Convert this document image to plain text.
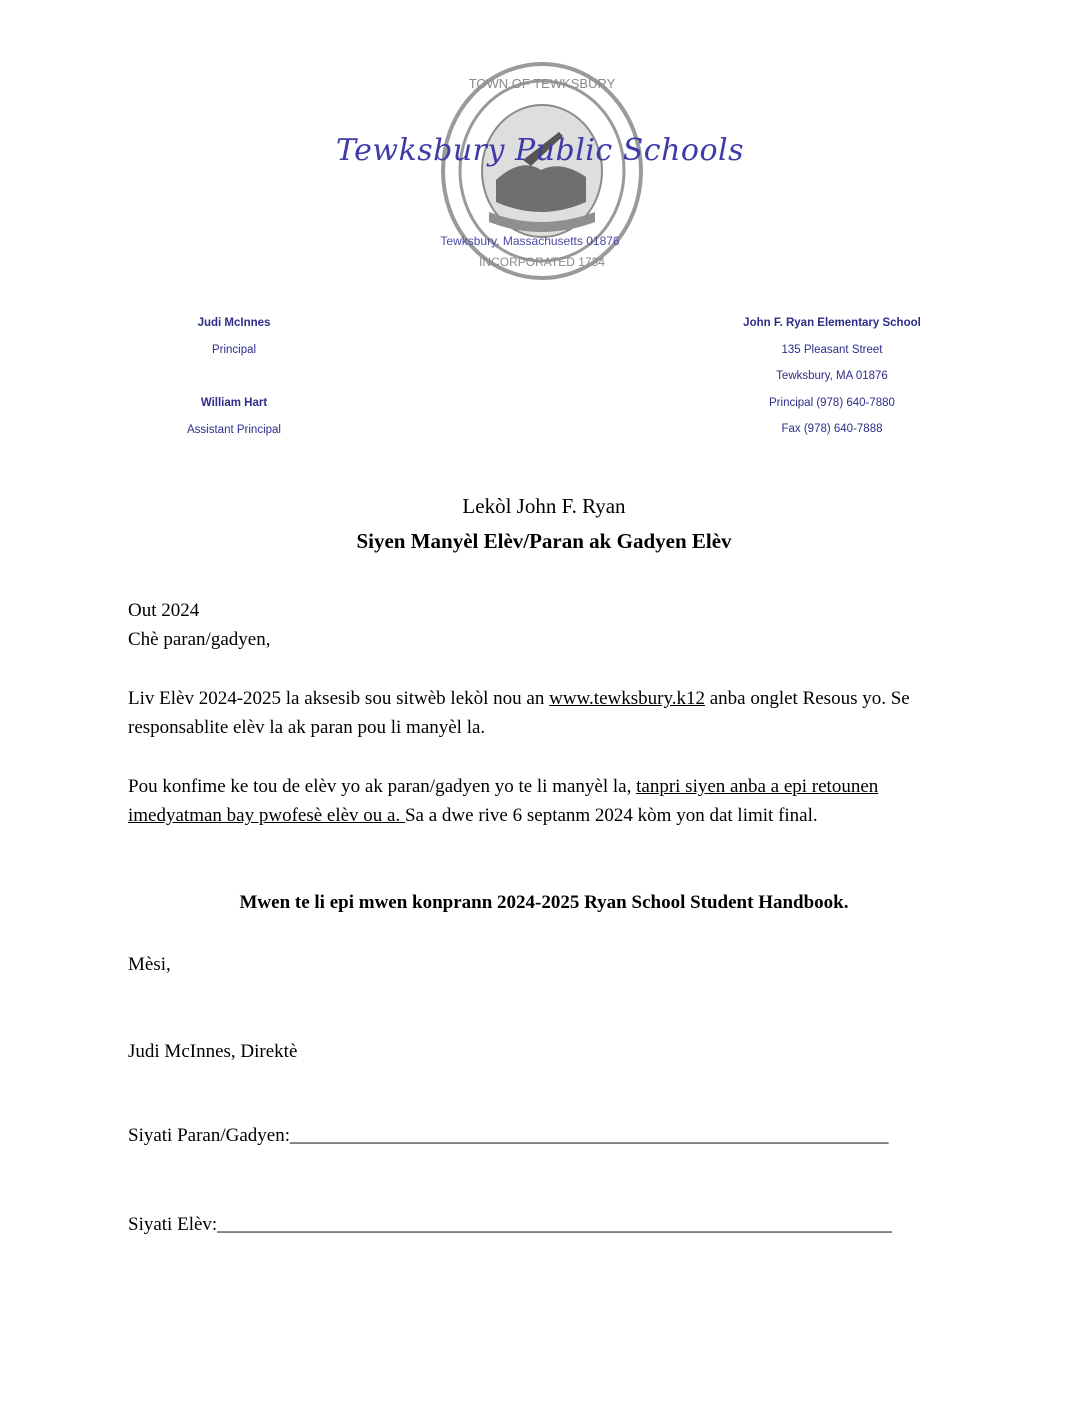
TOWN OF TEWKSBURY
INCORPORATED 1734
Tewksbury Public Schools
Tewksbury, Massachusetts 01876
Judi McInnes
Principal
William Hart
Assistant Principal
John F. Ryan Elementary School
135 Pleasant Street
Tewksbury, MA 01876
Principal (978) 640-7880
Fax (978) 640-7888
Lekòl John F. Ryan
Siyen Manyèl Elèv/Paran ak Gadyen Elèv
Out 2024
Chè paran/gadyen,
Liv Elèv 2024-2025 la aksesib sou sitwèb lekòl nou an www.tewksbury.k12 anba onglet Resous yo. Se responsablite elèv la ak paran pou li manyèl la.
Pou konfime ke tou de elèv yo ak paran/gadyen yo te li manyèl la, tanpri siyen anba a epi retounen imedyatman bay pwofesè elèv ou a. Sa a dwe rive 6 septanm 2024 kòm yon dat limit final.
Mwen te li epi mwen konprann 2024-2025 Ryan School Student Handbook.
Mèsi,
Judi McInnes, Direktè
Siyati Paran/Gadyen:_______________________________________________________________
Siyati Elèv:_______________________________________________________________________
